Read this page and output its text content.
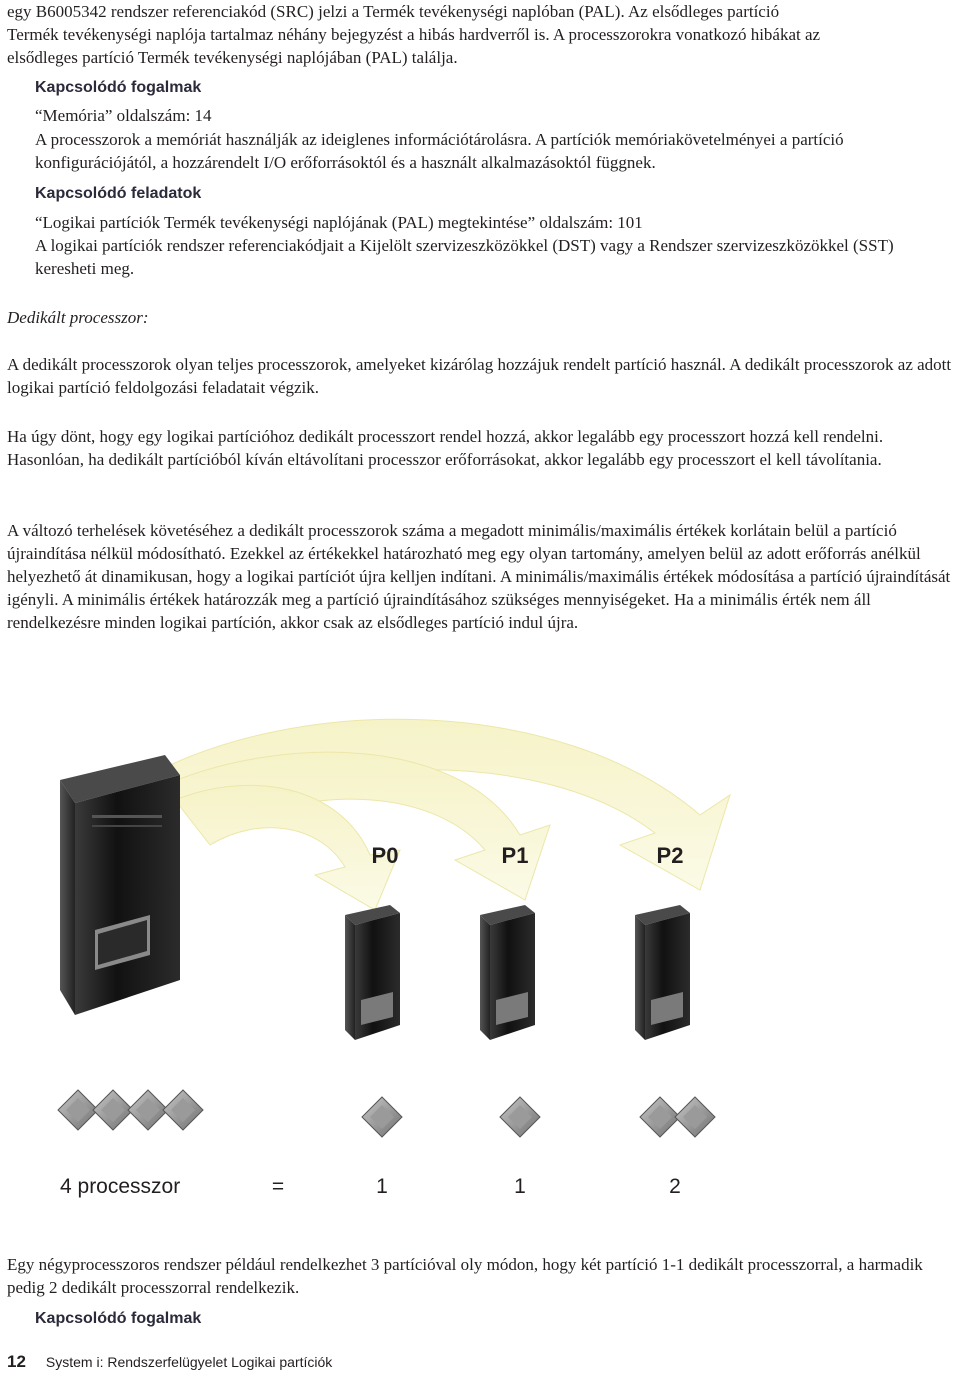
egy B6005342 rendszer referenciakód (SRC) jelzi a Termék tevékenységi naplóban (PAL). Az elsődleges partíció

Termék tevékenységi naplója tartalmaz néhány bejegyzést a hibás hardverről is. A processzorokra vonatkozó hibákat az

elsődleges partíció Termék tevékenységi naplójában (PAL) találja.

Kapcsolódó fogalmak

“Memória” oldalszám: 14

A processzorok a memóriát használják az ideiglenes információtárolásra. A partíciók memóriakövetelményei a partíció konfigurációjától, a hozzárendelt I/O erőforrásoktól és a használt alkalmazásoktól függnek.

Kapcsolódó feladatok

“Logikai partíciók Termék tevékenységi naplójának (PAL) megtekintése” oldalszám: 101

A logikai partíciók rendszer referenciakódjait a Kijelölt szervizeszközökkel (DST) vagy a Rendszer szervizeszközökkel (SST) keresheti meg.

Dedikált processzor:

A dedikált processzorok olyan teljes processzorok, amelyeket kizárólag hozzájuk rendelt partíció használ. A dedikált processzorok az adott logikai partíció feldolgozási feladatait végzik.

Ha úgy dönt, hogy egy logikai partícióhoz dedikált processzort rendel hozzá, akkor legalább egy processzort hozzá kell rendelni. Hasonlóan, ha dedikált partícióból kíván eltávolítani processzor erőforrásokat, akkor legalább egy processzort el kell távolítania.

A változó terhelések követéséhez a dedikált processzorok száma a megadott minimális/maximális értékek korlátain belül a partíció újraindítása nélkül módosítható. Ezekkel az értékekkel határozható meg egy olyan tartomány, amelyen belül az adott erőforrás anélkül helyezhető át dinamikusan, hogy a logikai partíciót újra kelljen indítani. A minimális/maximális értékek módosítása a partíció újraindítását igényli. A minimális értékek határozzák meg a partíció újraindításához szükséges mennyiségeket. Ha a minimális érték nem áll rendelkezésre minden logikai partíción, akkor csak az elsődleges partíció indul újra.

P0	P1	P2
4 processzor	=	1	1	2

Egy négyprocesszoros rendszer például rendelkezhet 3 partícióval oly módon, hogy két partíció 1-1 dedikált processzorral, a harmadik pedig 2 dedikált processzorral rendelkezik.

Kapcsolódó fogalmak

12 System i: Rendszerfelügyelet Logikai partíciók
